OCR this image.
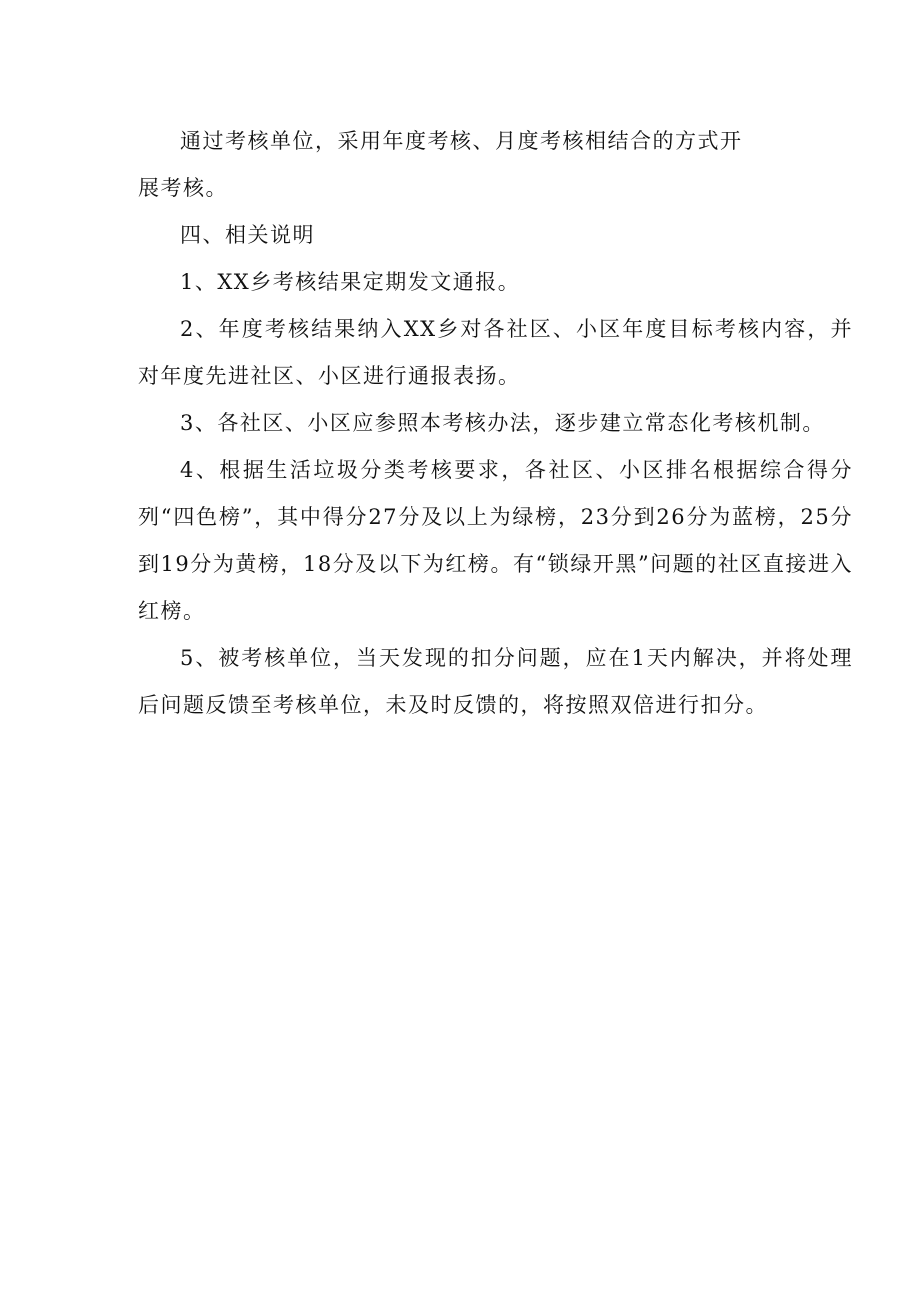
通过考核单位，采用年度考核、月度考核相结合的方式开展考核。

四、相关说明

1、XX乡考核结果定期发文通报。

2、年度考核结果纳入XX乡对各社区、小区年度目标考核内容，并对年度先进社区、小区进行通报表扬。

3、各社区、小区应参照本考核办法，逐步建立常态化考核机制。

4、根据生活垃圾分类考核要求，各社区、小区排名根据综合得分列“四色榜”，其中得分27分及以上为绿榜，23分到26分为蓝榜，25分到19分为黄榜，18分及以下为红榜。有“锁绿开黑”问题的社区直接进入红榜。

5、被考核单位，当天发现的扣分问题，应在1天内解决，并将处理后问题反馈至考核单位，未及时反馈的，将按照双倍进行扣分。
